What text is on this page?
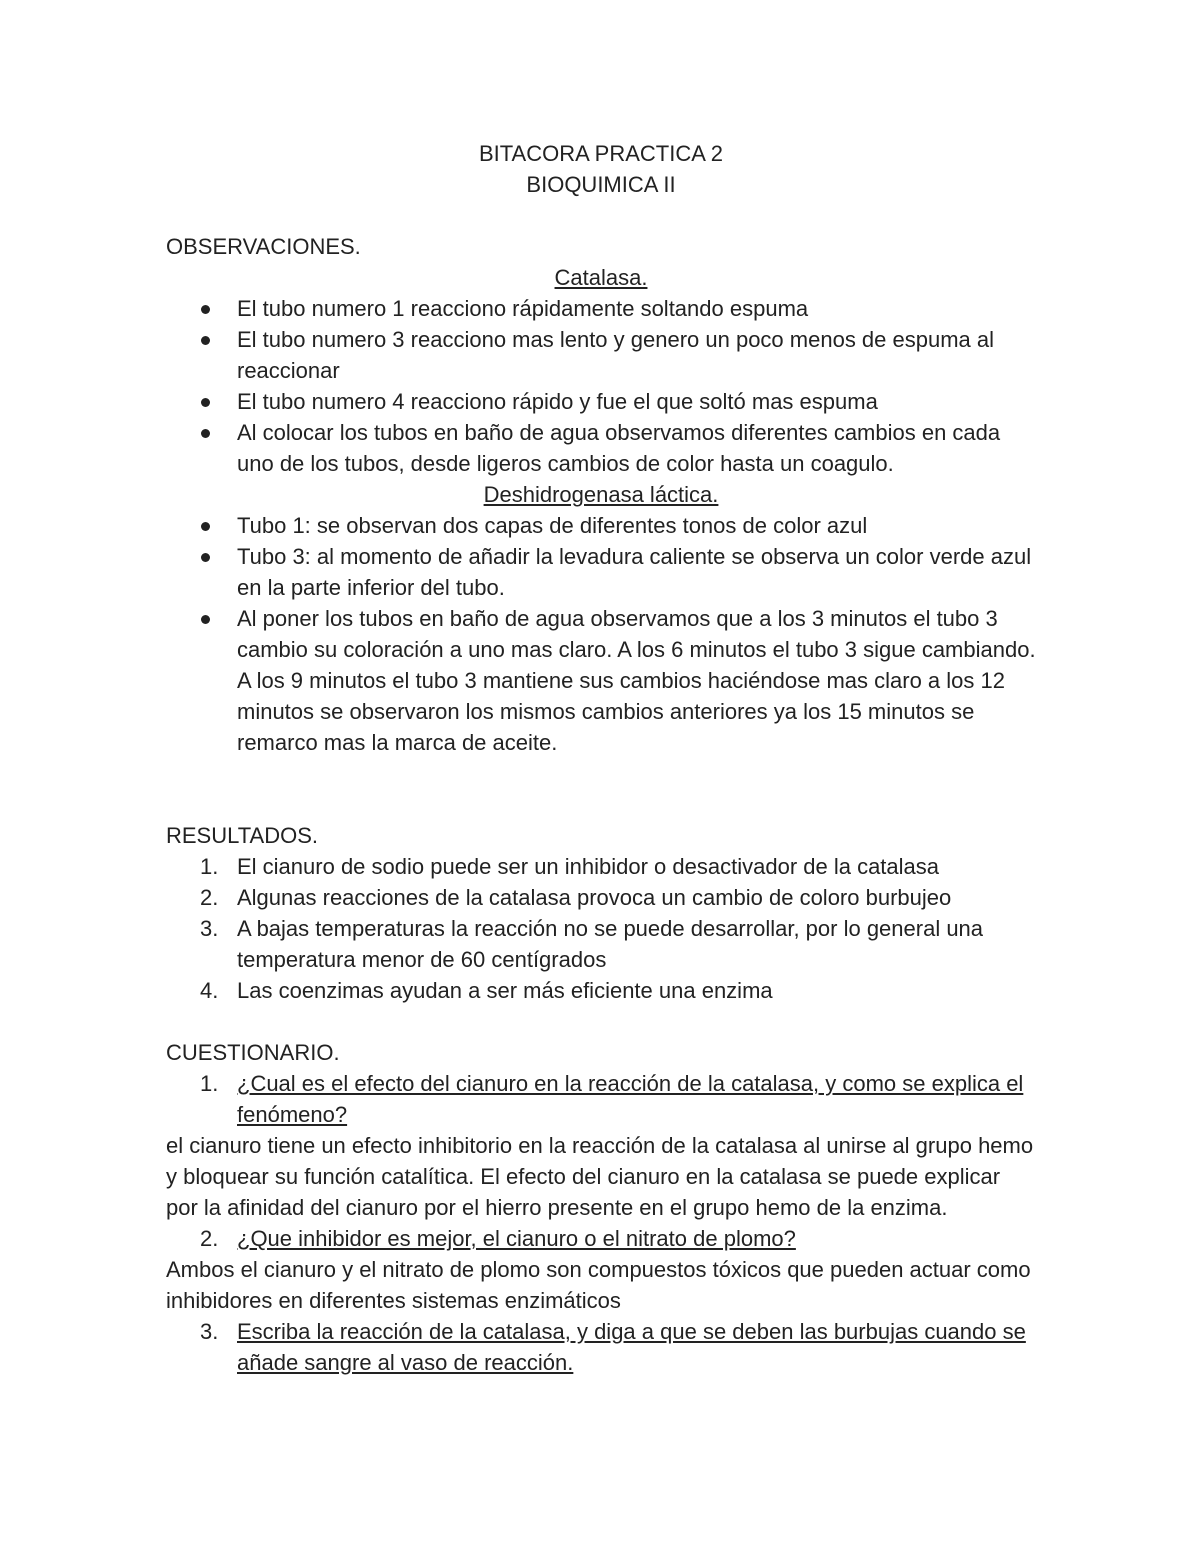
BITACORA PRACTICA 2
BIOQUIMICA II
OBSERVACIONES.
Catalasa.
El tubo numero 1 reacciono rápidamente soltando espuma
El tubo numero 3 reacciono mas lento y genero un poco menos de espuma al reaccionar
El tubo numero 4 reacciono rápido y fue el que soltó mas espuma
Al colocar los tubos en baño de agua observamos diferentes cambios en cada uno de los tubos, desde ligeros cambios de color hasta un coagulo.
Deshidrogenasa láctica.
Tubo 1: se observan dos capas de diferentes tonos de color azul
Tubo 3: al momento de añadir la levadura caliente se observa un color verde azul en la parte inferior del tubo.
Al poner los tubos en baño de agua observamos que a los 3 minutos el tubo 3 cambio su coloración a uno mas claro. A los 6 minutos el tubo 3 sigue cambiando. A los 9 minutos el tubo 3 mantiene sus cambios haciéndose mas claro a los 12 minutos se observaron los mismos cambios anteriores ya los 15 minutos se remarco mas la marca de aceite.
RESULTADOS.
1. El cianuro de sodio puede ser un inhibidor o desactivador de la catalasa
2. Algunas reacciones de la catalasa provoca un cambio de coloro burbujeo
3. A bajas temperaturas la reacción no se puede desarrollar, por lo general una temperatura menor de 60 centígrados
4. Las coenzimas ayudan a ser más eficiente una enzima
CUESTIONARIO.
1. ¿Cual es el efecto del cianuro en la reacción de la catalasa, y como se explica el fenómeno?

el cianuro tiene un efecto inhibitorio en la reacción de la catalasa al unirse al grupo hemo y bloquear su función catalítica. El efecto del cianuro en la catalasa se puede explicar por la afinidad del cianuro por el hierro presente en el grupo hemo de la enzima.

2. ¿Que inhibidor es mejor, el cianuro o el nitrato de plomo?

Ambos el cianuro y el nitrato de plomo son compuestos tóxicos que pueden actuar como inhibidores en diferentes sistemas enzimáticos

3. Escriba la reacción de la catalasa, y diga a que se deben las burbujas cuando se añade sangre al vaso de reacción.
